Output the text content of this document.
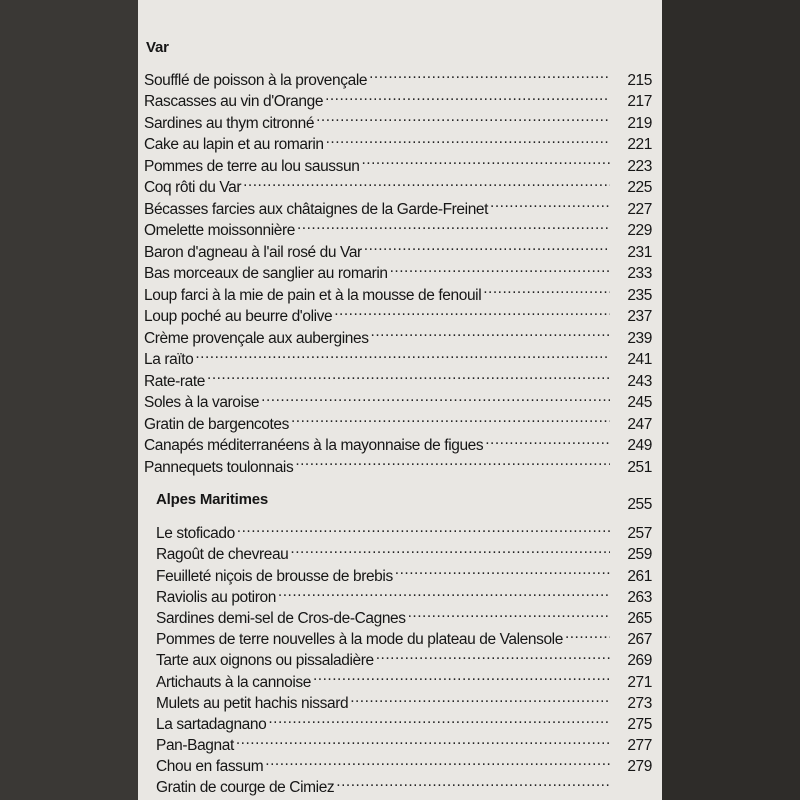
Var
Soufflé de poisson à la provençale .....	215
Rascasses au vin d'Orange .....	217
Sardines au thym citronné .....	219
Cake au lapin et au romarin .....	221
Pommes de terre au lou saussun .....	223
Coq rôti du Var .....	225
Bécasses farcies aux châtaignes de la Garde-Freinet .....	227
Omelette moissonnière .....	229
Baron d'agneau à l'ail rosé du Var .....	231
Bas morceaux de sanglier au romarin .....	233
Loup farci à la mie de pain et à la mousse de fenouil .....	235
Loup poché au beurre d'olive .....	237
Crème provençale aux aubergines .....	239
La raïto .....	241
Rate-rate .....	243
Soles à la varoise .....	245
Gratin de bargencotes .....	247
Canapés méditerranéens à la mayonnaise de figues .....	249
Pannequets toulonnais .....	251
Alpes Maritimes	255
Le stoficado .....	257
Ragoût de chevreau .....	259
Feuilleté niçois de brousse de brebis .....	261
Raviolis au potiron .....	263
Sardines demi-sel de Cros-de-Cagnes .....	265
Pommes de terre nouvelles à la mode du plateau de Valensole .....	267
Tarte aux oignons ou pissaladière .....	269
Artichauts à la cannoise .....	271
Mulets au petit hachis nissard .....	273
La sartadagnano .....	275
Pan-Bagnat .....	277
Chou en fassum .....	279
Gratin de courge de Cimiez
.....
